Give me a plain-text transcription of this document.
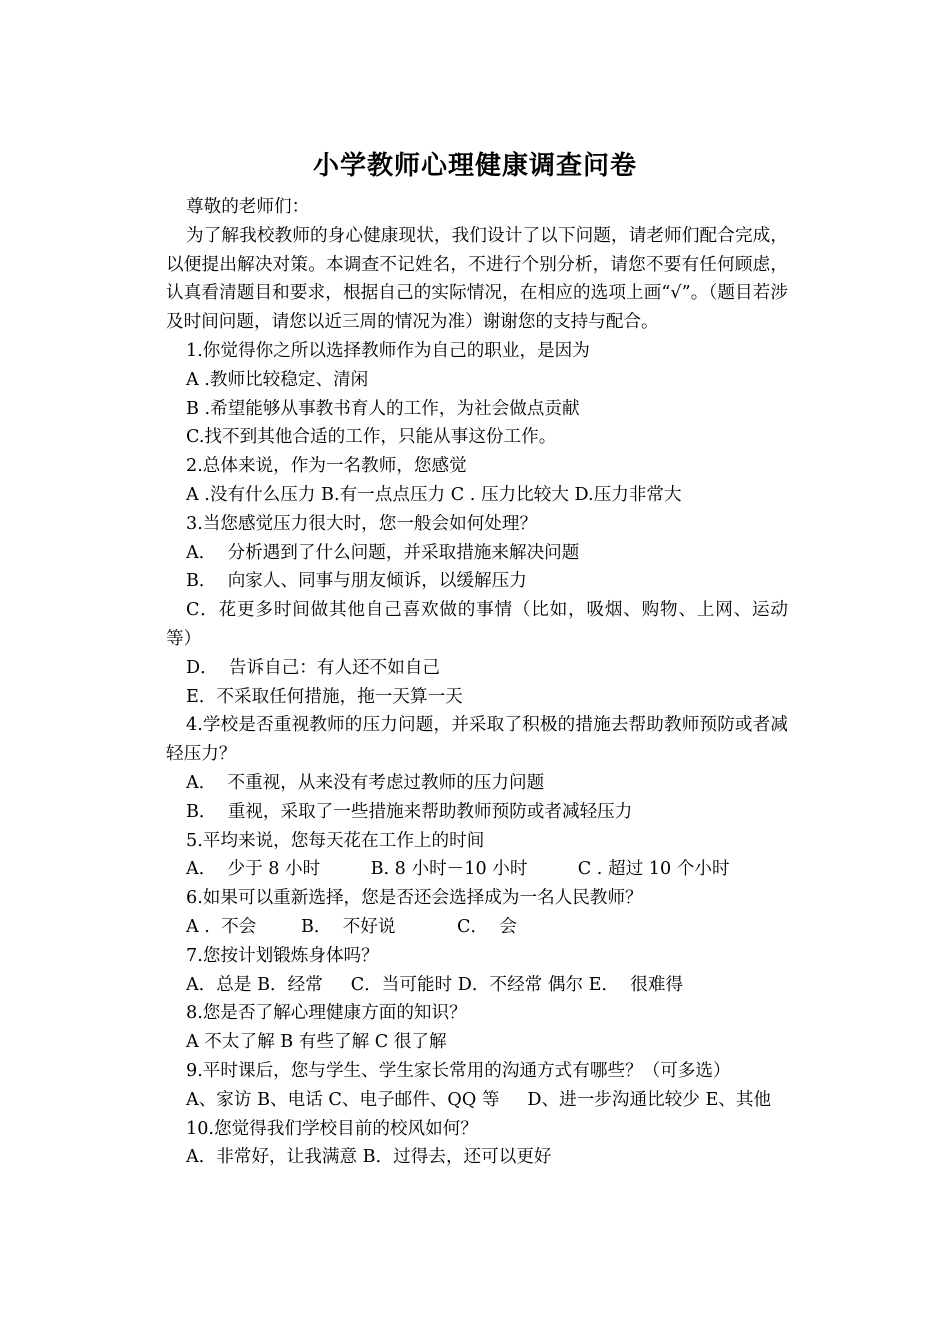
小学教师心理健康调查问卷

尊敬的老师们：

为了解我校教师的身心健康现状，我们设计了以下问题，请老师们配合完成，以便提出解决对策。本调查不记姓名，不进行个别分析，请您不要有任何顾虑，认真看清题目和要求，根据自己的实际情况，在相应的选项上画“√”。（题目若涉及时间问题，请您以近三周的情况为准）谢谢您的支持与配合。

1.你觉得你之所以选择教师作为自己的职业，是因为

A .教师比较稳定、清闲

B .希望能够从事教书育人的工作，为社会做点贡献

C.找不到其他合适的工作，只能从事这份工作。

2.总体来说，作为一名教师，您感觉

A .没有什么压力 B.有一点点压力 C . 压力比较大 D.压力非常大

3.当您感觉压力很大时，您一般会如何处理？

A．  分析遇到了什么问题，并采取措施来解决问题

B．  向家人、同事与朋友倾诉，以缓解压力

C．花更多时间做其他自己喜欢做的事情（比如，吸烟、购物、上网、运动等）

D．  告诉自己：有人还不如自己

E．不采取任何措施，拖一天算一天

4.学校是否重视教师的压力问题，并采取了积极的措施去帮助教师预防或者减轻压力？

A．  不重视，从来没有考虑过教师的压力问题

B．  重视，采取了一些措施来帮助教师预防或者减轻压力

5.平均来说，您每天花在工作上的时间

A．  少于 8 小时         B. 8 小时－10 小时         C . 超过 10 个小时

6.如果可以重新选择，您是否还会选择成为一名人民教师？

A .  不会        B．  不好说           C．  会

7.您按计划锻炼身体吗？

A．总是 B．经常     C．当可能时 D．不经常 偶尔 E．  很难得

8.您是否了解心理健康方面的知识？

A 不太了解 B 有些了解 C 很了解

9.平时课后，您与学生、学生家长常用的沟通方式有哪些？（可多选）

A、家访 B、电话 C、电子邮件、QQ 等     D、进一步沟通比较少 E、其他

10.您觉得我们学校目前的校风如何？

A．非常好，让我满意 B．过得去，还可以更好
